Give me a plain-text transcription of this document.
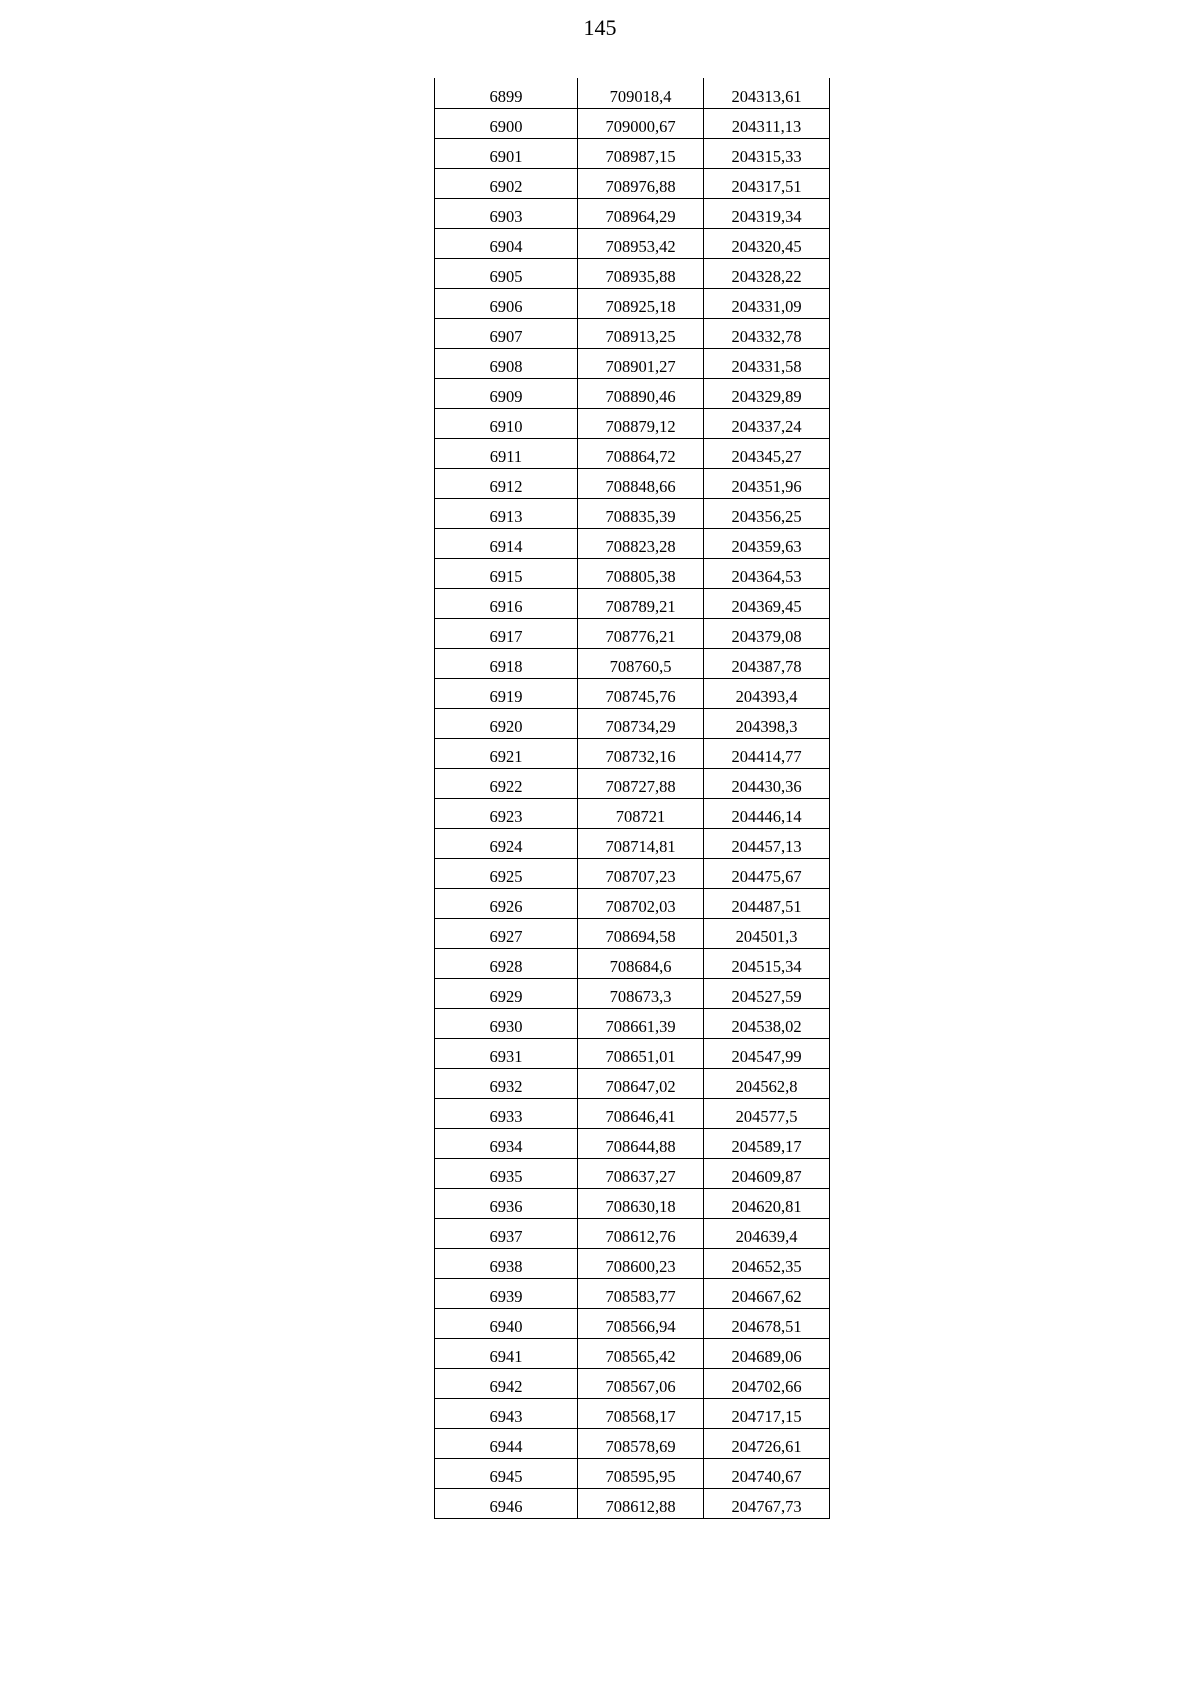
145
6899	709018,4	204313,61
6900	709000,67	204311,13
6901	708987,15	204315,33
6902	708976,88	204317,51
6903	708964,29	204319,34
6904	708953,42	204320,45
6905	708935,88	204328,22
6906	708925,18	204331,09
6907	708913,25	204332,78
6908	708901,27	204331,58
6909	708890,46	204329,89
6910	708879,12	204337,24
6911	708864,72	204345,27
6912	708848,66	204351,96
6913	708835,39	204356,25
6914	708823,28	204359,63
6915	708805,38	204364,53
6916	708789,21	204369,45
6917	708776,21	204379,08
6918	708760,5	204387,78
6919	708745,76	204393,4
6920	708734,29	204398,3
6921	708732,16	204414,77
6922	708727,88	204430,36
6923	708721	204446,14
6924	708714,81	204457,13
6925	708707,23	204475,67
6926	708702,03	204487,51
6927	708694,58	204501,3
6928	708684,6	204515,34
6929	708673,3	204527,59
6930	708661,39	204538,02
6931	708651,01	204547,99
6932	708647,02	204562,8
6933	708646,41	204577,5
6934	708644,88	204589,17
6935	708637,27	204609,87
6936	708630,18	204620,81
6937	708612,76	204639,4
6938	708600,23	204652,35
6939	708583,77	204667,62
6940	708566,94	204678,51
6941	708565,42	204689,06
6942	708567,06	204702,66
6943	708568,17	204717,15
6944	708578,69	204726,61
6945	708595,95	204740,67
6946	708612,88	204767,73
